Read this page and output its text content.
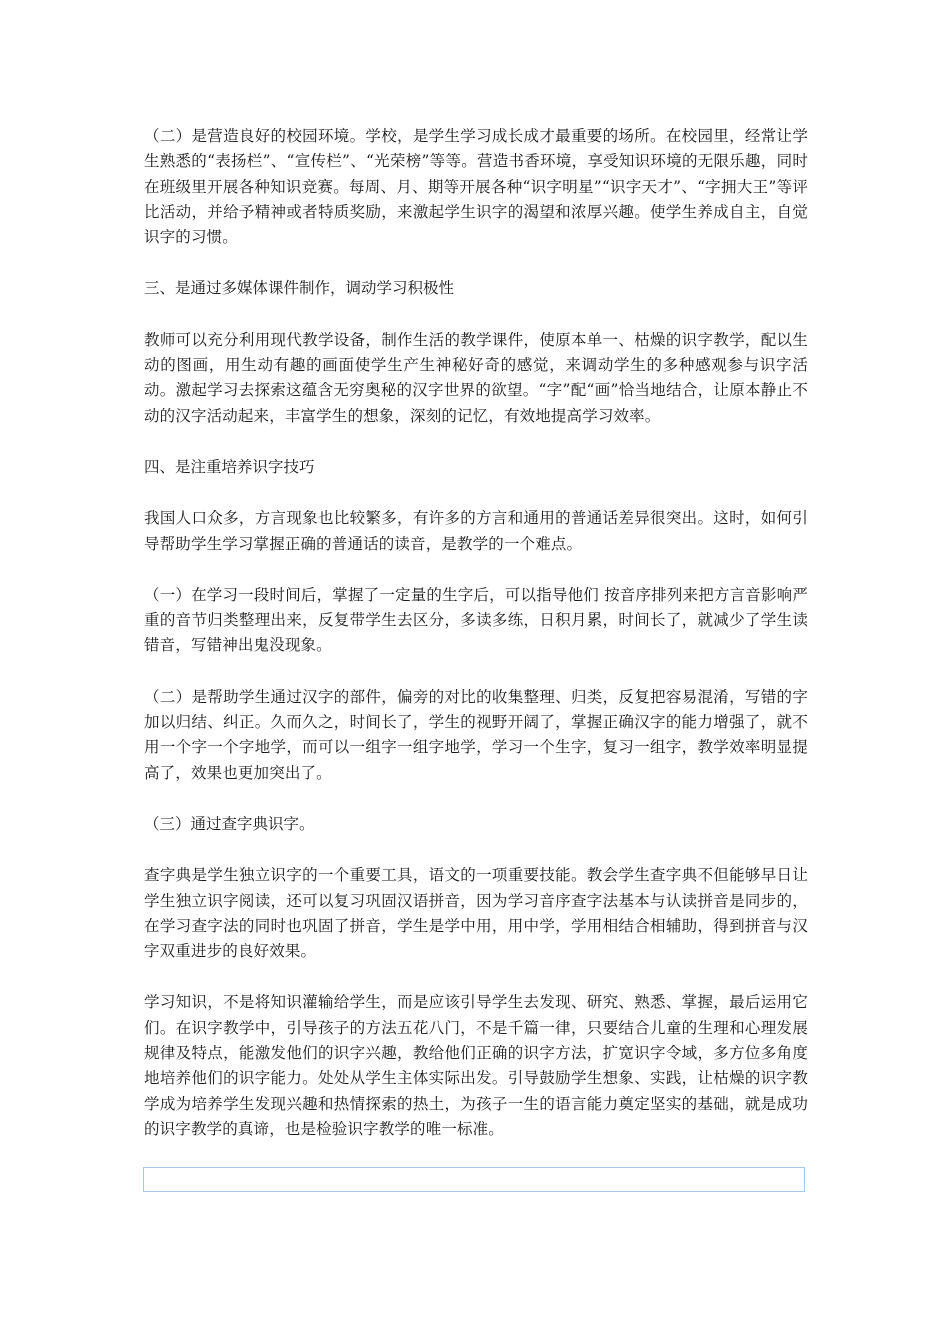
（二）是营造良好的校园环境。学校，是学生学习成长成才最重要的场所。在校园里，经常让学生熟悉的“表扬栏”、“宣传栏”、“光荣榜”等等。营造书香环境，享受知识环境的无限乐趣，同时在班级里开展各种知识竞赛。每周、月、期等开展各种“识字明星”“识字天才”、“字拥大王”等评比活动，并给予精神或者特质奖励，来激起学生识字的渴望和浓厚兴趣。使学生养成自主，自觉识字的习惯。

三、是通过多媒体课件制作，调动学习积极性

教师可以充分利用现代教学设备，制作生活的教学课件，使原本单一、枯燥的识字教学，配以生动的图画，用生动有趣的画面使学生产生神秘好奇的感觉，来调动学生的多种感观参与识字活动。激起学习去探索这蕴含无穷奥秘的汉字世界的欲望。“字”配“画”恰当地结合，让原本静止不动的汉字活动起来，丰富学生的想象，深刻的记忆，有效地提高学习效率。

四、是注重培养识字技巧

我国人口众多，方言现象也比较繁多，有许多的方言和通用的普通话差异很突出。这时，如何引导帮助学生学习掌握正确的普通话的读音，是教学的一个难点。

（一）在学习一段时间后，掌握了一定量的生字后，可以指导他们 按音序排列来把方言音影响严重的音节归类整理出来，反复带学生去区分，多读多练，日积月累，时间长了，就减少了学生读错音，写错神出鬼没现象。

（二）是帮助学生通过汉字的部件，偏旁的对比的收集整理、归类，反复把容易混淆，写错的字加以归结、纠正。久而久之，时间长了，学生的视野开阔了，掌握正确汉字的能力增强了，就不用一个字一个字地学，而可以一组字一组字地学，学习一个生字，复习一组字，教学效率明显提高了，效果也更加突出了。

（三）通过查字典识字。

查字典是学生独立识字的一个重要工具，语文的一项重要技能。教会学生查字典不但能够早日让学生独立识字阅读，还可以复习巩固汉语拼音，因为学习音序查字法基本与认读拼音是同步的，在学习查字法的同时也巩固了拼音，学生是学中用，用中学，学用相结合相辅助，得到拼音与汉字双重进步的良好效果。

学习知识，不是将知识灌输给学生，而是应该引导学生去发现、研究、熟悉、掌握，最后运用它们。在识字教学中，引导孩子的方法五花八门，不是千篇一律，只要结合儿童的生理和心理发展规律及特点，能激发他们的识字兴趣，教给他们正确的识字方法，扩宽识字令域，多方位多角度地培养他们的识字能力。处处从学生主体实际出发。引导鼓励学生想象、实践，让枯燥的识字教学成为培养学生发现兴趣和热情探索的热土，为孩子一生的语言能力奠定坚实的基础，就是成功的识字教学的真谛，也是检验识字教学的唯一标准。
